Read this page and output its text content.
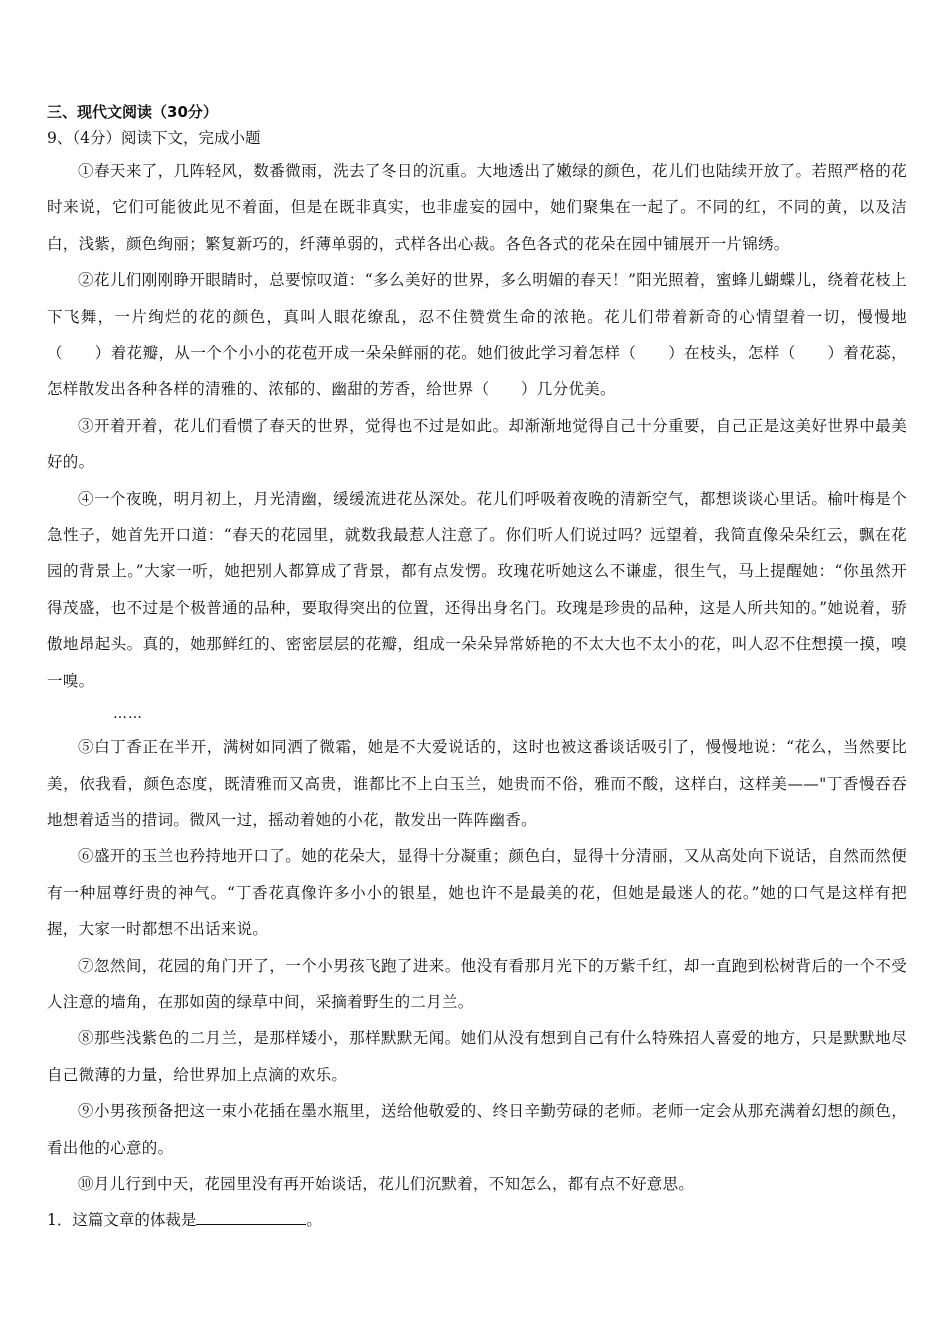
三、现代文阅读（30分）
9、（4分）阅读下文，完成小题
①春天来了，几阵轻风，数番微雨，洗去了冬日的沉重。大地透出了嫩绿的颜色，花儿们也陆续开放了。若照严格的花时来说，它们可能彼此见不着面，但是在既非真实，也非虚妄的园中，她们聚集在一起了。不同的红，不同的黄，以及洁白，浅紫，颜色绚丽；繁复新巧的，纤薄单弱的，式样各出心裁。各色各式的花朵在园中铺展开一片锦绣。
②花儿们刚刚睁开眼睛时，总要惊叹道：“多么美好的世界，多么明媚的春天！”阳光照着，蜜蜂儿蝴蝶儿，绕着花枝上下飞舞，一片绚烂的花的颜色，真叫人眼花缭乱，忍不住赞赏生命的浓艳。花儿们带着新奇的心情望着一切，慢慢地（　　）着花瓣，从一个个小小的花苞开成一朵朵鲜丽的花。她们彼此学习着怎样（　　）在枝头，怎样（　　）着花蕊，怎样散发出各种各样的清雅的、浓郁的、幽甜的芳香，给世界（　　）几分优美。
③开着开着，花儿们看惯了春天的世界，觉得也不过是如此。却渐渐地觉得自己十分重要，自己正是这美好世界中最美好的。
④一个夜晚，明月初上，月光清幽，缓缓流进花丛深处。花儿们呼吸着夜晚的清新空气，都想谈谈心里话。榆叶梅是个急性子，她首先开口道：“春天的花园里，就数我最惹人注意了。你们听人们说过吗？远望着，我简直像朵朵红云，飘在花园的背景上。”大家一听，她把别人都算成了背景，都有点发愣。玫瑰花听她这么不谦虚，很生气，马上提醒她：“你虽然开得茂盛，也不过是个极普通的品种，要取得突出的位置，还得出身名门。玫瑰是珍贵的品种，这是人所共知的。”她说着，骄傲地昂起头。真的，她那鲜红的、密密层层的花瓣，组成一朵朵异常娇艳的不太大也不太小的花，叫人忍不住想摸一摸，嗅一嗅。
……
⑤白丁香正在半开，满树如同洒了微霜，她是不大爱说话的，这时也被这番谈话吸引了，慢慢地说：“花么，当然要比美，依我看，颜色态度，既清雅而又高贵，谁都比不上白玉兰，她贵而不俗，雅而不酸，这样白，这样美——"丁香慢吞吞地想着适当的措词。微风一过，摇动着她的小花，散发出一阵阵幽香。
⑥盛开的玉兰也矜持地开口了。她的花朵大，显得十分凝重；颜色白，显得十分清丽，又从高处向下说话，自然而然便有一种屈尊纡贵的神气。“丁香花真像许多小小的银星，她也许不是最美的花，但她是最迷人的花。”她的口气是这样有把握，大家一时都想不出话来说。
⑦忽然间，花园的角门开了，一个小男孩飞跑了进来。他没有看那月光下的万紫千红，却一直跑到松树背后的一个不受人注意的墙角，在那如茵的绿草中间，采摘着野生的二月兰。
⑧那些浅紫色的二月兰，是那样矮小，那样默默无闻。她们从没有想到自己有什么特殊招人喜爱的地方，只是默默地尽自己微薄的力量，给世界加上点滴的欢乐。
⑨小男孩预备把这一束小花插在墨水瓶里，送给他敬爱的、终日辛勤劳碌的老师。老师一定会从那充满着幻想的颜色，看出他的心意的。
⑩月儿行到中天，花园里没有再开始谈话，花儿们沉默着，不知怎么，都有点不好意思。
1．这篇文章的体裁是	。
